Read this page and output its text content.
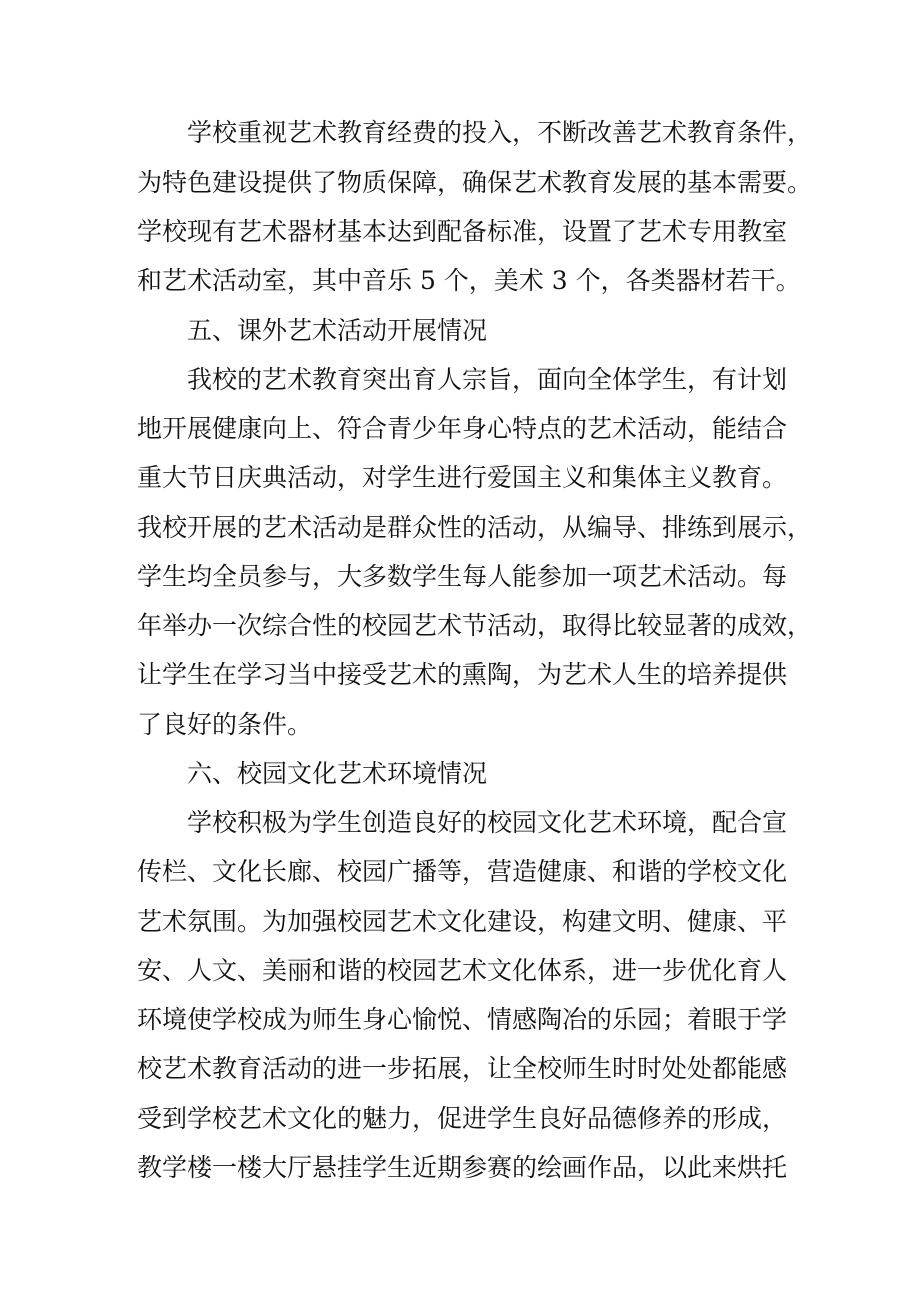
学校重视艺术教育经费的投入，不断改善艺术教育条件，
为特色建设提供了物质保障，确保艺术教育发展的基本需要。
学校现有艺术器材基本达到配备标准，设置了艺术专用教室
和艺术活动室，其中音乐 5 个，美术 3 个，各类器材若干。
五、课外艺术活动开展情况
我校的艺术教育突出育人宗旨，面向全体学生，有计划
地开展健康向上、符合青少年身心特点的艺术活动，能结合
重大节日庆典活动，对学生进行爱国主义和集体主义教育。
我校开展的艺术活动是群众性的活动，从编导、排练到展示，
学生均全员参与，大多数学生每人能参加一项艺术活动。每
年举办一次综合性的校园艺术节活动，取得比较显著的成效，
让学生在学习当中接受艺术的熏陶，为艺术人生的培养提供
了良好的条件。
六、校园文化艺术环境情况
学校积极为学生创造良好的校园文化艺术环境，配合宣
传栏、文化长廊、校园广播等，营造健康、和谐的学校文化
艺术氛围。为加强校园艺术文化建设，构建文明、健康、平
安、人文、美丽和谐的校园艺术文化体系，进一步优化育人
环境使学校成为师生身心愉悦、情感陶冶的乐园；着眼于学
校艺术教育活动的进一步拓展，让全校师生时时处处都能感
受到学校艺术文化的魅力，促进学生良好品德修养的形成，
教学楼一楼大厅悬挂学生近期参赛的绘画作品，以此来烘托
